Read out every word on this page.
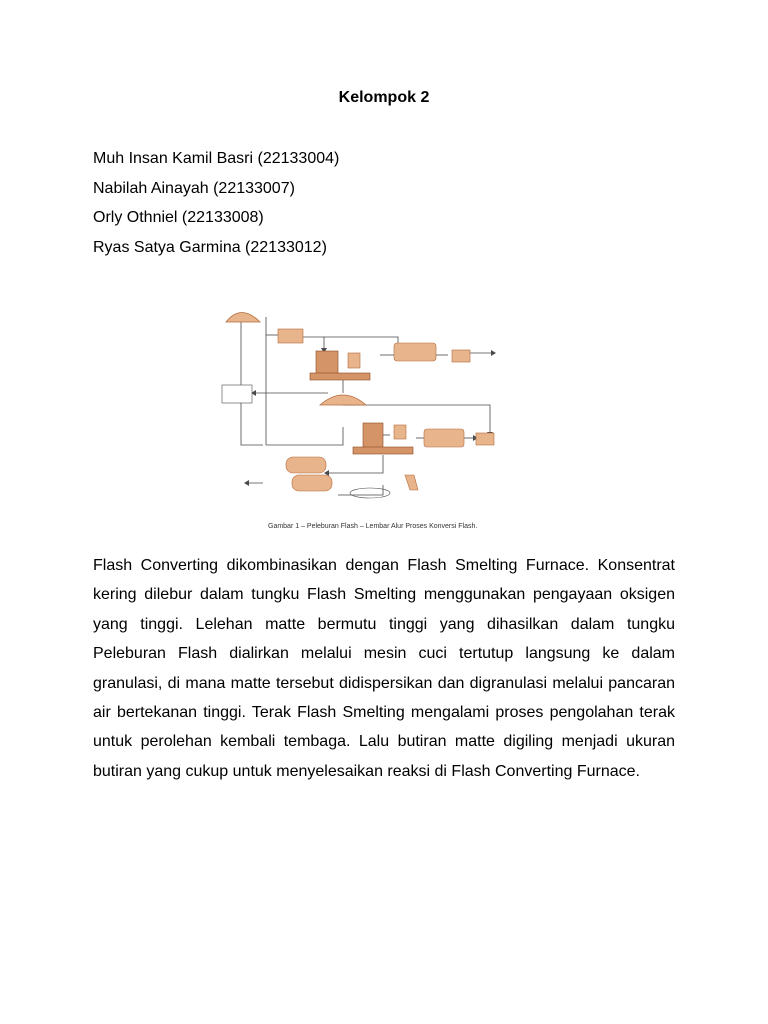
Kelompok 2
Muh Insan Kamil Basri (22133004)
Nabilah Ainayah (22133007)
Orly Othniel (22133008)
Ryas Satya Garmina (22133012)
Gambar 1 – Peleburan Flash – Lembar Alur Proses Konversi Flash.

Flash Converting dikombinasikan dengan Flash Smelting Furnace. Konsentrat kering dilebur dalam tungku Flash Smelting menggunakan pengayaan oksigen yang tinggi. Lelehan matte bermutu tinggi yang dihasilkan dalam tungku Peleburan Flash dialirkan melalui mesin cuci tertutup langsung ke dalam granulasi, di mana matte tersebut didispersikan dan digranulasi melalui pancaran air bertekanan tinggi. Terak Flash Smelting mengalami proses pengolahan terak untuk perolehan kembali tembaga. Lalu butiran matte digiling menjadi ukuran butiran yang cukup untuk menyelesaikan reaksi di Flash Converting Furnace.
